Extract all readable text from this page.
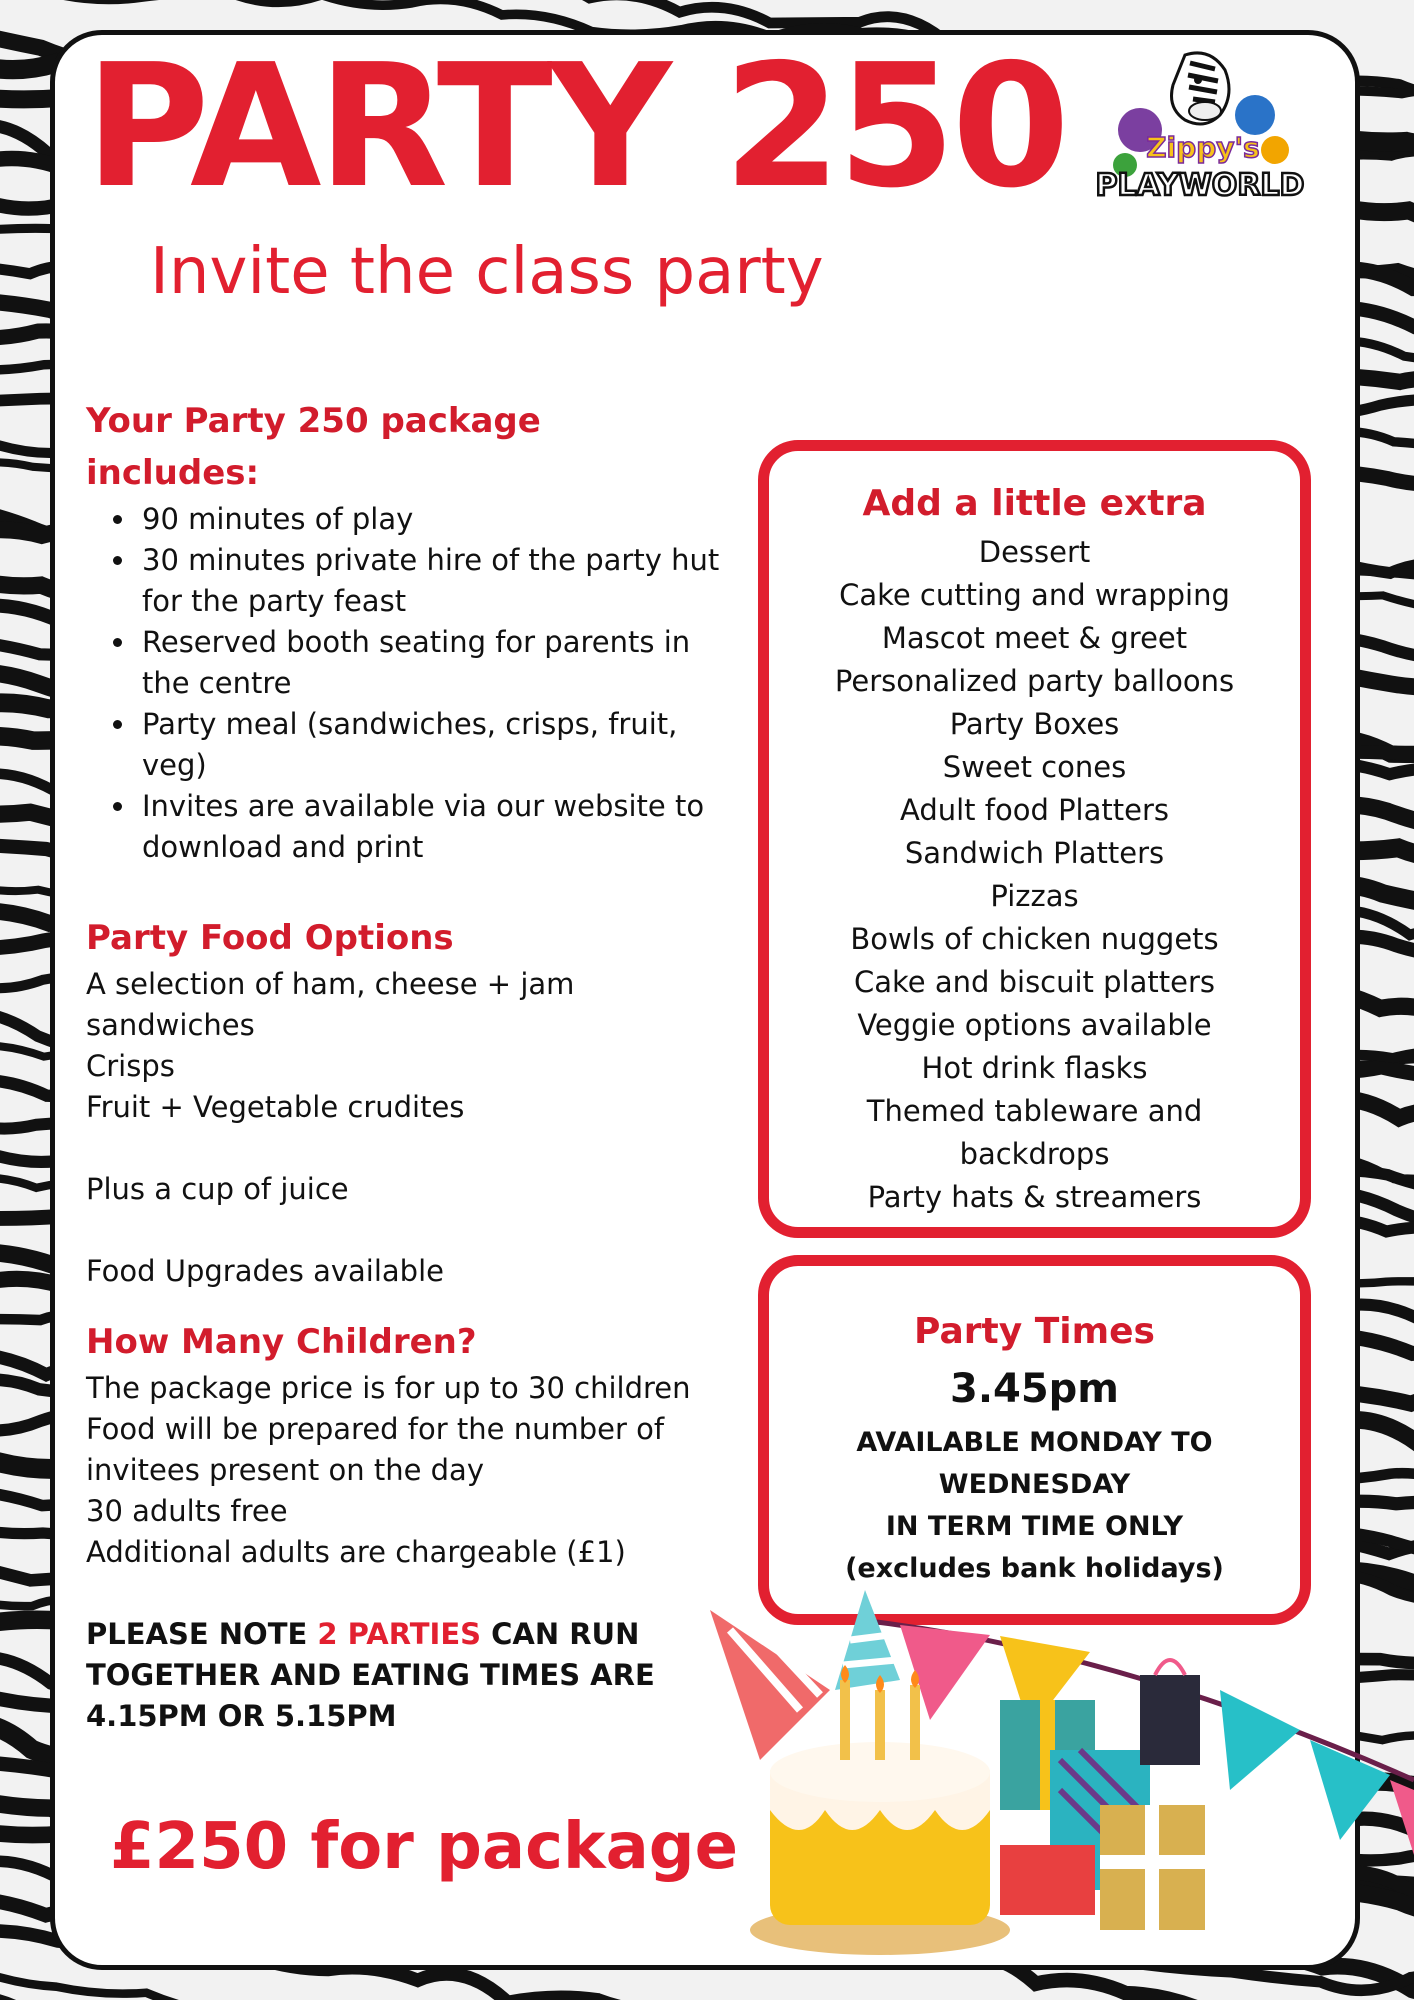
PARTY 250

Invite the class party

Zippy's
PLAYWORLD
Your Party 250 package
includes:
• 90 minutes of play
• 30 minutes private hire of the party hut for the party feast
• Reserved booth seating for parents in the centre
• Party meal (sandwiches, crisps, fruit, veg)
• Invites are available via our website to download and print
Party Food Options
A selection of ham, cheese + jam sandwiches
Crisps
Fruit + Vegetable crudites
Plus a cup of juice
Food Upgrades available
How Many Children?
The package price is for up to 30 children
Food will be prepared for the number of invitees present on the day
30 adults free
Additional adults are chargeable (£1)
PLEASE NOTE 2 PARTIES CAN RUN TOGETHER AND EATING TIMES ARE 4.15PM OR 5.15PM

£250 for package

Add a little extra
Dessert
Cake cutting and wrapping
Mascot meet & greet
Personalized party balloons
Party Boxes
Sweet cones
Adult food Platters
Sandwich Platters
Pizzas
Bowls of chicken nuggets
Cake and biscuit platters
Veggie options available
Hot drink flasks
Themed tableware and backdrops
Party hats & streamers
Party Times
3.45pm
AVAILABLE MONDAY TO WEDNESDAY
IN TERM TIME ONLY
(excludes bank holidays)
